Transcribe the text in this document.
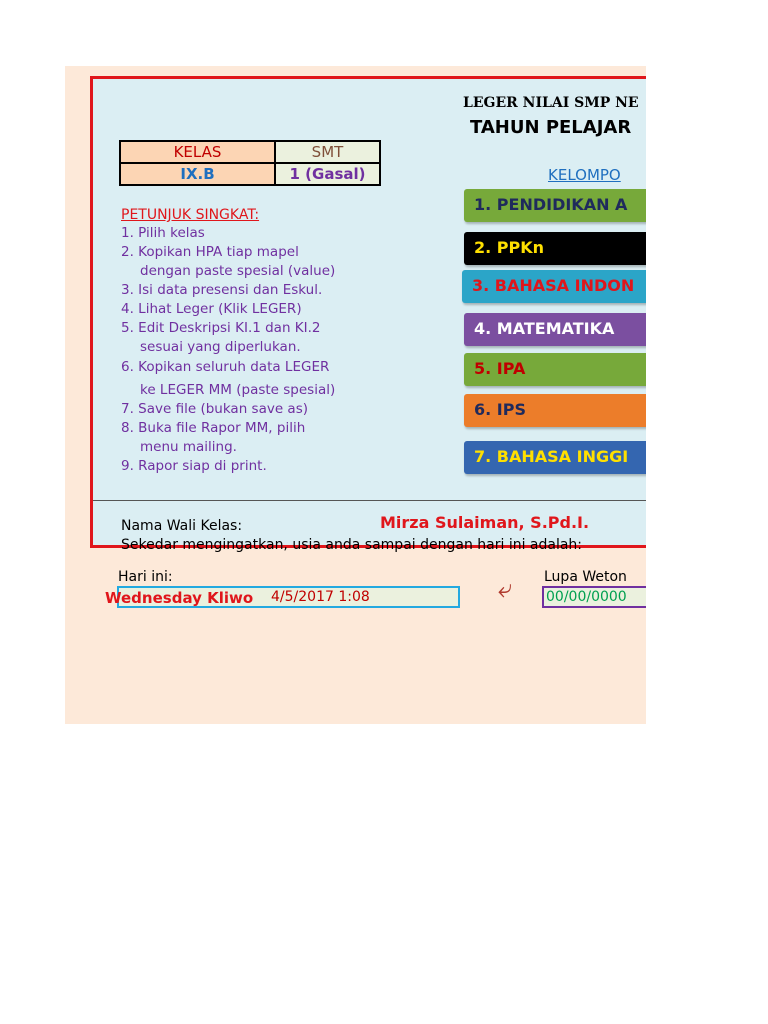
LEGER NILAI SMP NE
TAHUN PELAJAR
KELAS	SMT
IX.B	1 (Gasal)	KELOMPO
PETUNJUK SINGKAT:
1. Pilih kelas
2. Kopikan HPA tiap mapel
dengan paste spesial (value)
3. Isi data presensi dan Eskul.
4. Lihat Leger (Klik LEGER)
5. Edit Deskripsi KI.1 dan KI.2
sesuai yang diperlukan.
6. Kopikan seluruh data LEGER
ke LEGER MM (paste spesial)
7. Save file (bukan save as)
8. Buka file Rapor MM, pilih
menu mailing.
9. Rapor siap di print.
Nama Wali Kelas:	Mirza Sulaiman, S.Pd.I.
Sekedar mengingatkan, usia anda sampai dengan hari ini adalah:
1. PENDIDIKAN A
2. PPKn
3. BAHASA INDON
4. MATEMATIKA
5. IPA
6. IPS
7. BAHASA INGGI
Hari ini:
Wednesday Kliwo 4/5/2017 1:08	⤶ Lupa Weton
00/00/0000
